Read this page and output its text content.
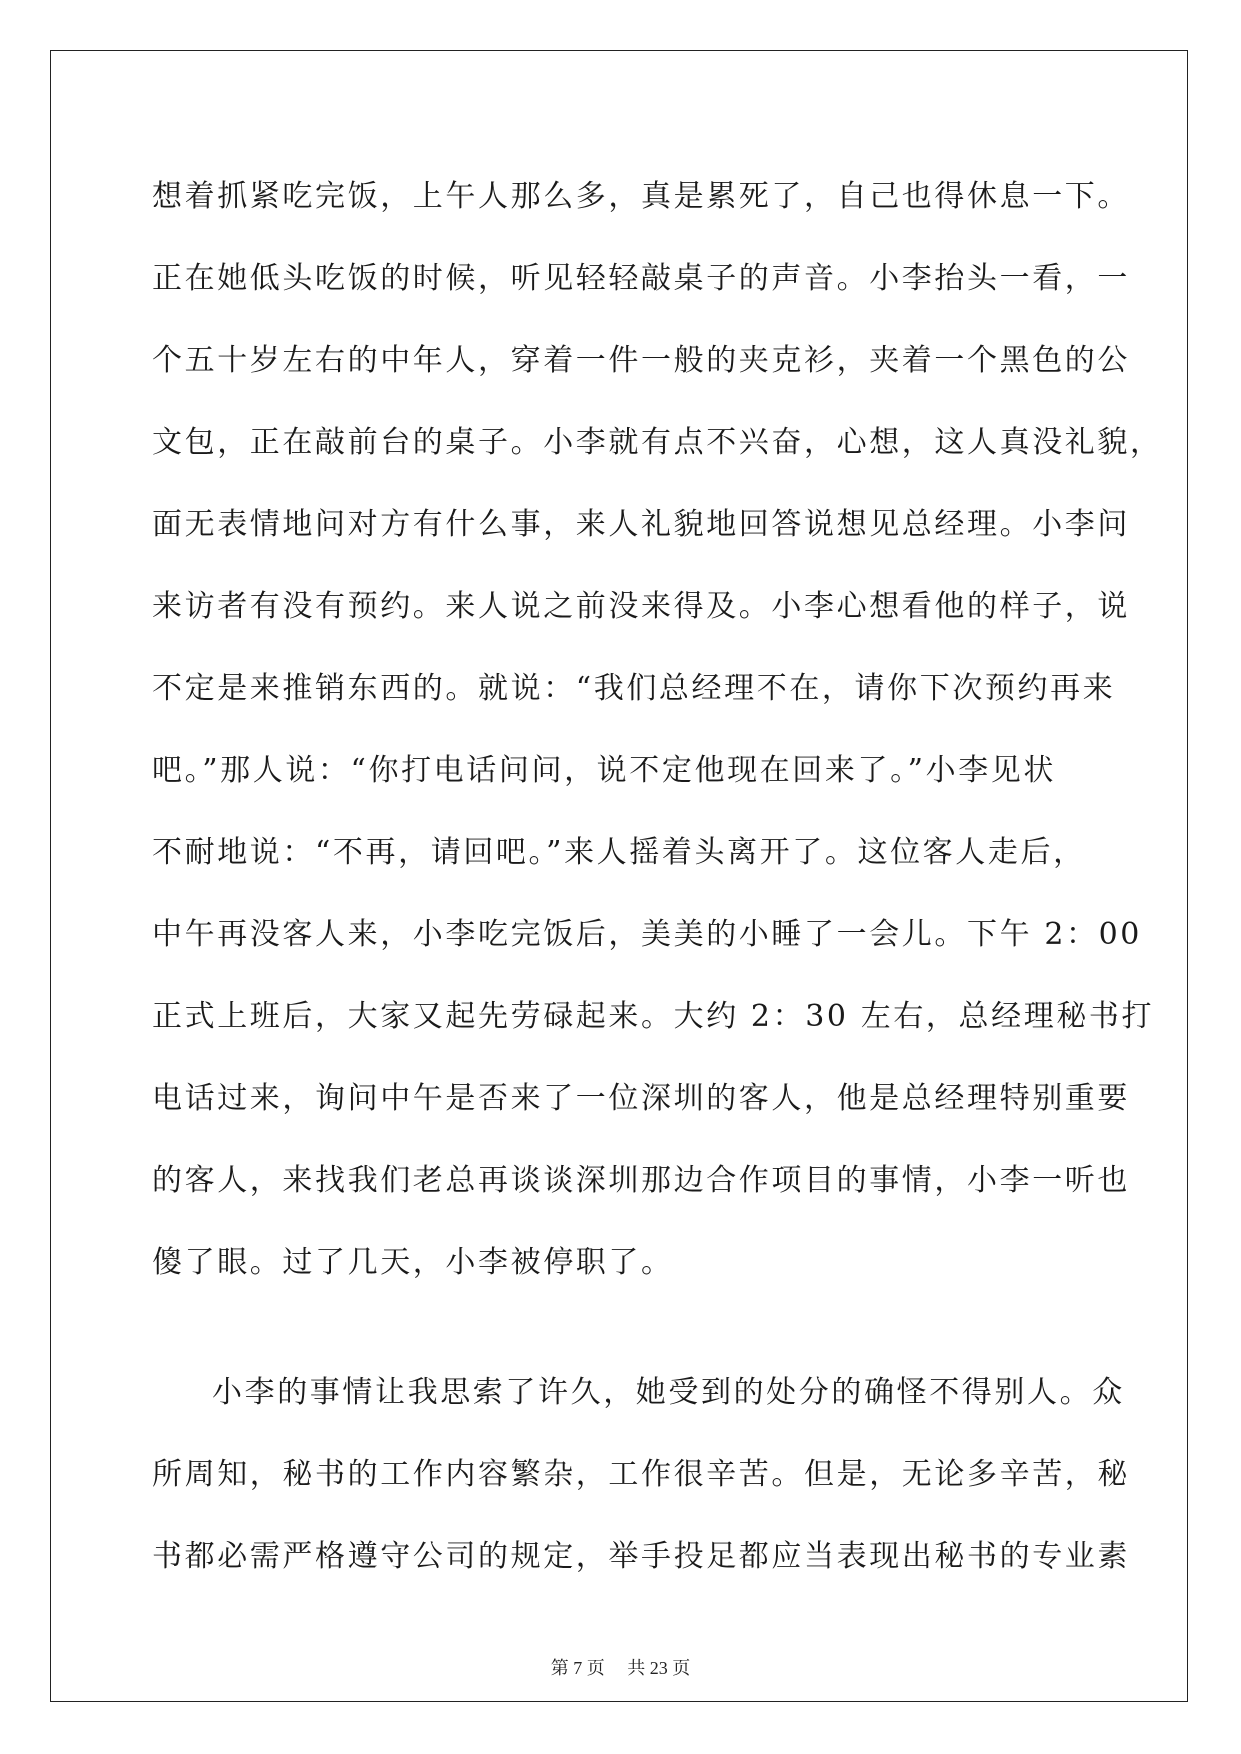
想着抓紧吃完饭，上午人那么多，真是累死了，自己也得休息一下。
正在她低头吃饭的时候，听见轻轻敲桌子的声音。小李抬头一看，一
个五十岁左右的中年人，穿着一件一般的夹克衫，夹着一个黑色的公
文包，正在敲前台的桌子。小李就有点不兴奋，心想，这人真没礼貌，
面无表情地问对方有什么事，来人礼貌地回答说想见总经理。小李问
来访者有没有预约。来人说之前没来得及。小李心想看他的样子，说
不定是来推销东西的。就说：“我们总经理不在，请你下次预约再来
吧。”那人说：“你打电话问问，说不定他现在回来了。”小李见状
不耐地说：“不再，请回吧。”来人摇着头离开了。这位客人走后，
中午再没客人来，小李吃完饭后，美美的小睡了一会儿。下午 2：00
正式上班后，大家又起先劳碌起来。大约 2：30 左右，总经理秘书打
电话过来，询问中午是否来了一位深圳的客人，他是总经理特别重要
的客人，来找我们老总再谈谈深圳那边合作项目的事情，小李一听也
傻了眼。过了几天，小李被停职了。
小李的事情让我思索了许久，她受到的处分的确怪不得别人。众
所周知，秘书的工作内容繁杂，工作很辛苦。但是，无论多辛苦，秘
书都必需严格遵守公司的规定，举手投足都应当表现出秘书的专业素
第 7 页 共 23 页
